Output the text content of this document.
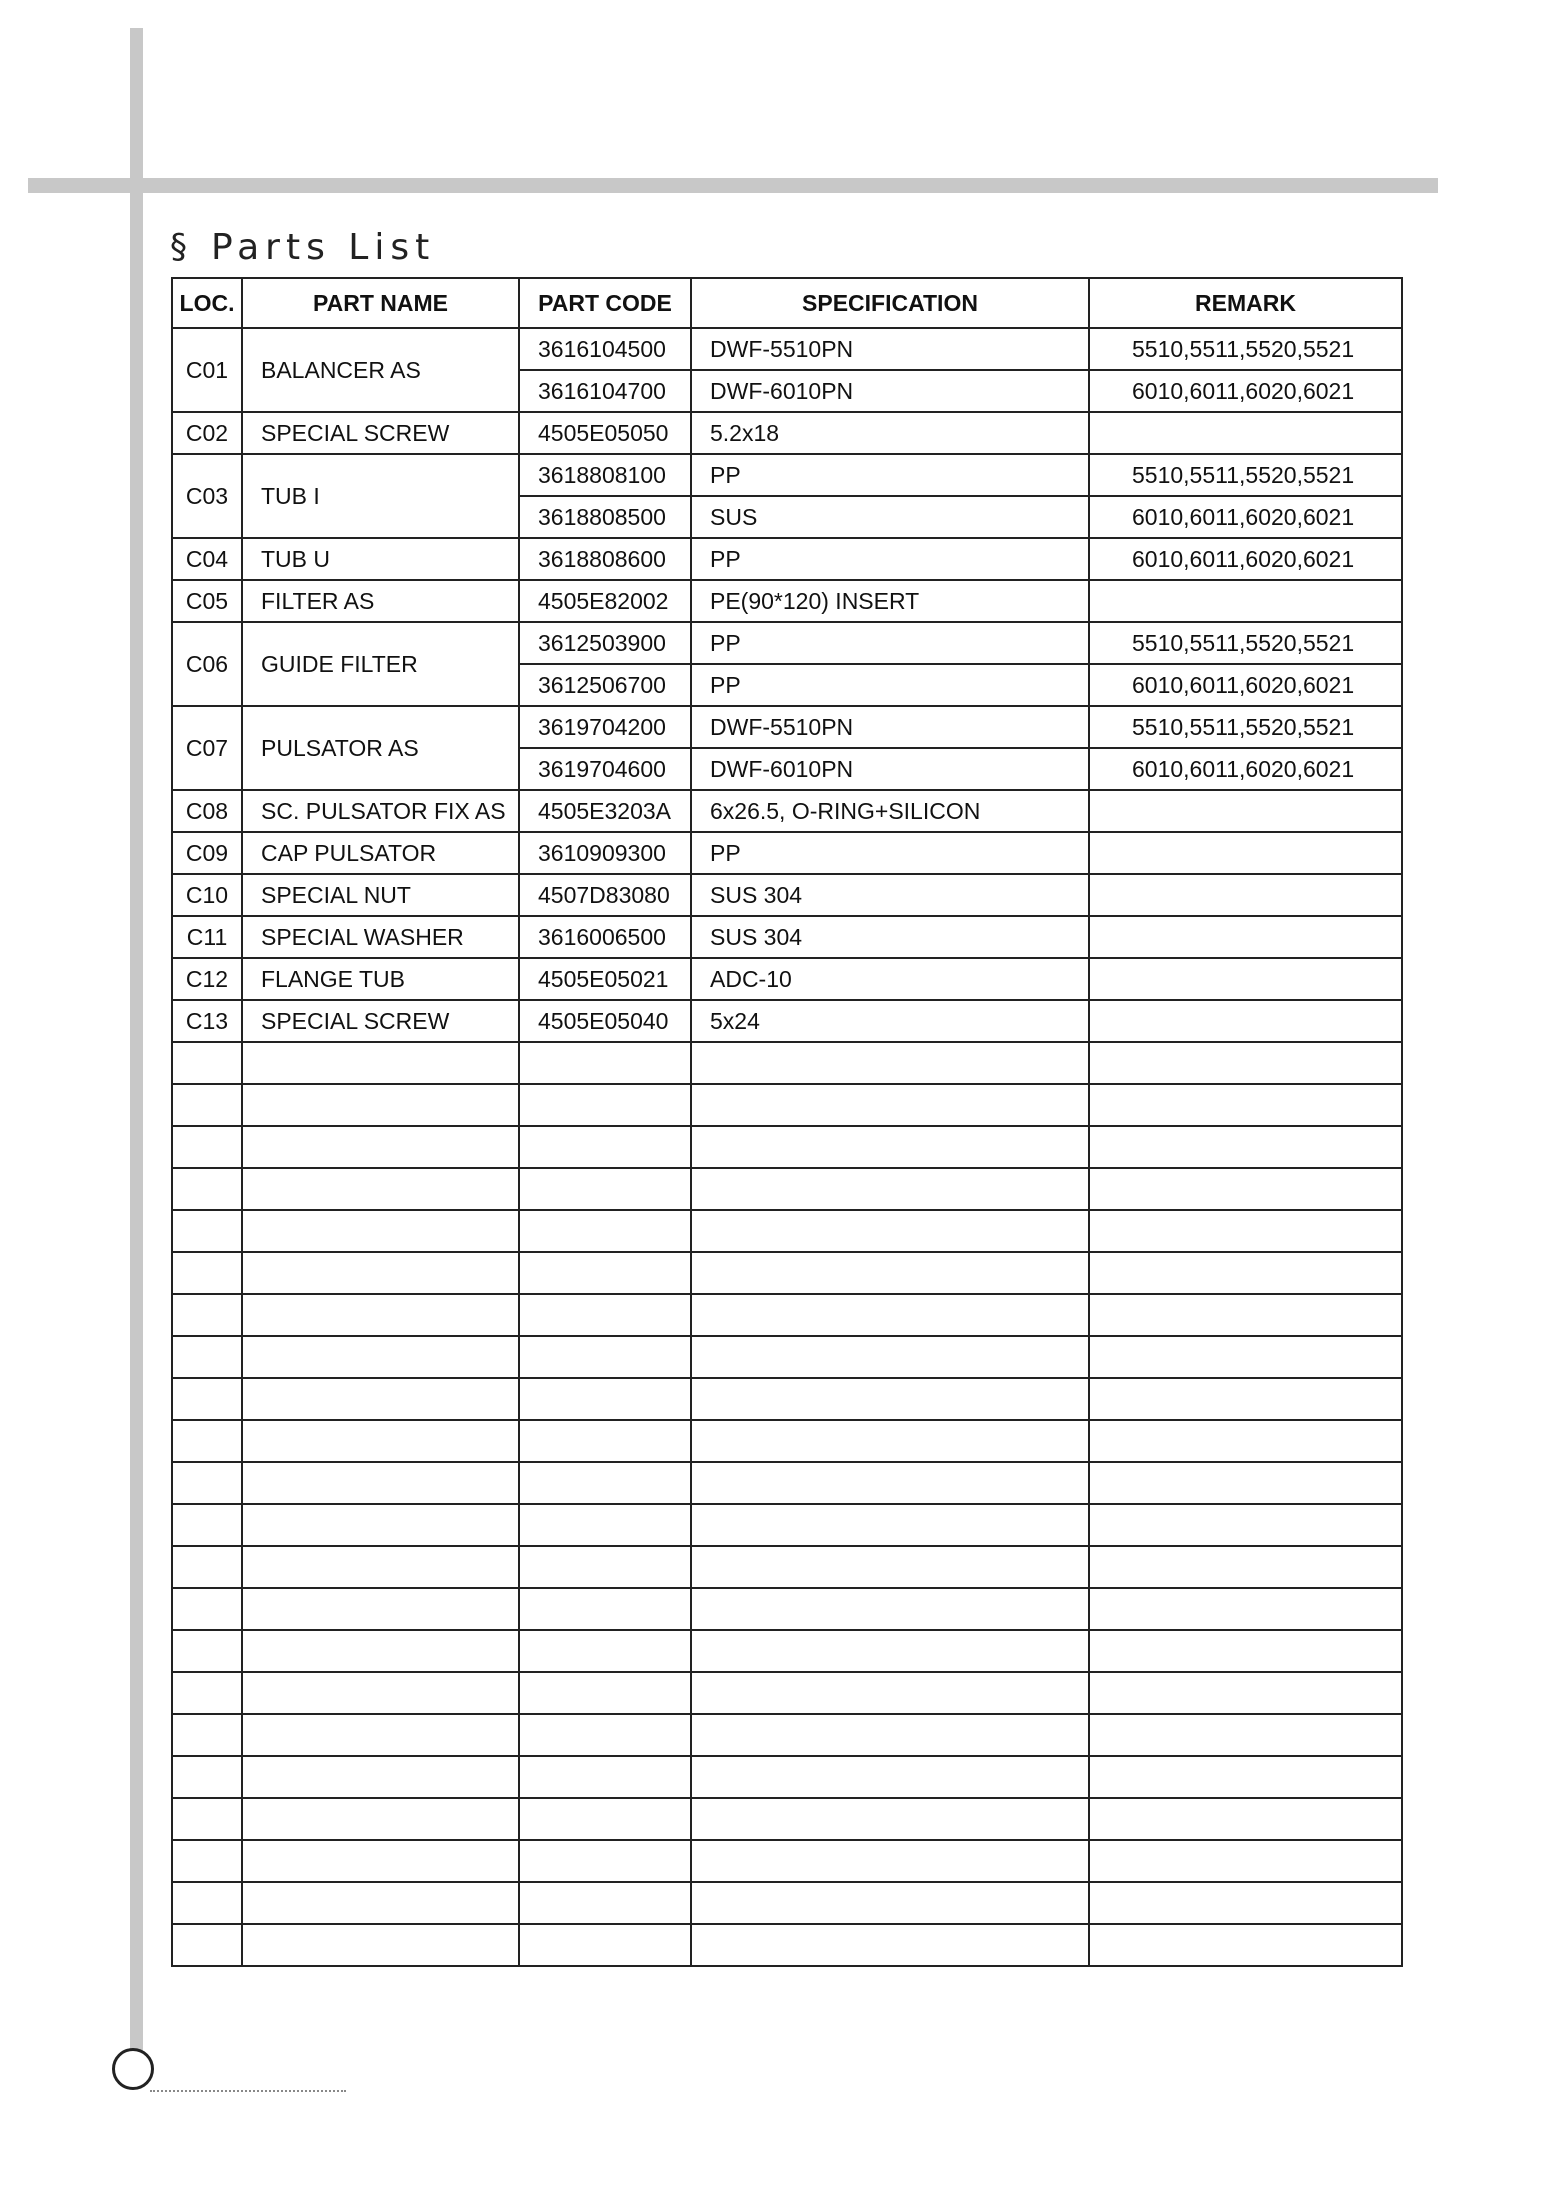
§ Parts List
LOC.	PART NAME	PART CODE	SPECIFICATION	REMARK
C01	BALANCER AS	3616104500	DWF-5510PN	5510,5511,5520,5521
		3616104700	DWF-6010PN	6010,6011,6020,6021
C02	SPECIAL SCREW	4505E05050	5.2x18	
C03	TUB I	3618808100	PP	5510,5511,5520,5521
		3618808500	SUS	6010,6011,6020,6021
C04	TUB U	3618808600	PP	6010,6011,6020,6021
C05	FILTER AS	4505E82002	PE(90*120) INSERT	
C06	GUIDE FILTER	3612503900	PP	5510,5511,5520,5521
		3612506700	PP	6010,6011,6020,6021
C07	PULSATOR AS	3619704200	DWF-5510PN	5510,5511,5520,5521
		3619704600	DWF-6010PN	6010,6011,6020,6021
C08	SC. PULSATOR FIX AS	4505E3203A	6x26.5, O-RING+SILICON	
C09	CAP PULSATOR	3610909300	PP	
C10	SPECIAL NUT	4507D83080	SUS 304	
C11	SPECIAL WASHER	3616006500	SUS 304	
C12	FLANGE TUB	4505E05021	ADC-10	
C13	SPECIAL SCREW	4505E05040	5x24	
